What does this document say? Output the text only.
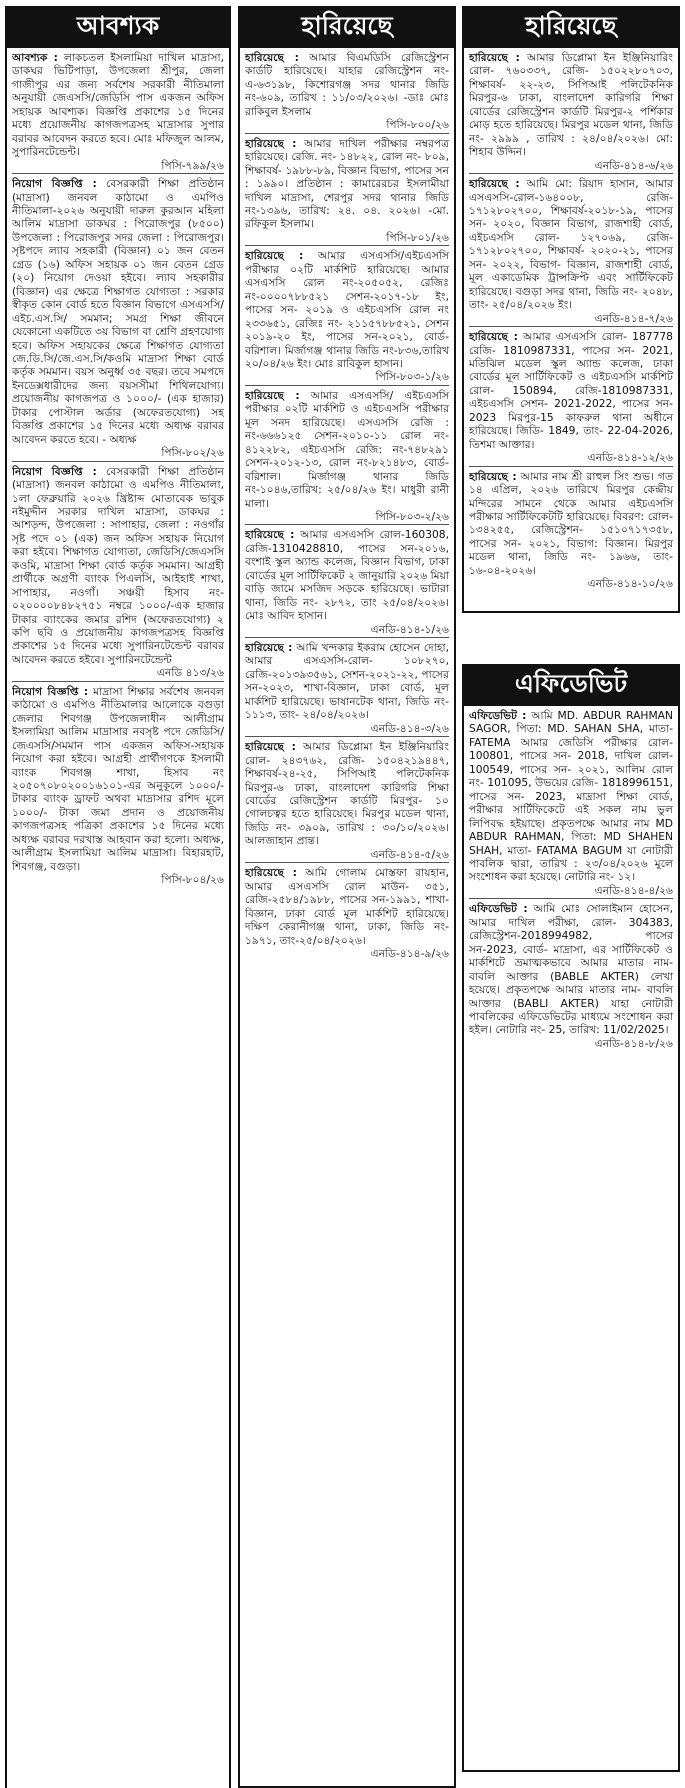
আবশ্যক
আবশ্যক : লাকচতল ইসলামিয়া দাখিল মাদ্রাসা, ডাকঘর ভিটিপাড়া, উপজেলা শ্রীপুর, জেলা গাজীপুর এর জন্য সর্বশেষ সরকারী নীতিমালা অনুযায়ী জেএসসি/জেডিসি পাস একজন অফিস সহায়ক আবশ্যক। বিজ্ঞপ্তি প্রকাশের ১৫ দিনের মধ্যে প্রয়োজনীয় কাগজপত্রসহ মাদ্রাসার সুপার বরাবর আবেদন করতে হবে। মোঃ মফিজুল আলম, সুপারিনটেন্ডেন্ট।
পিসি-৭৯৯/২৬
নিয়োগ বিজ্ঞপ্তি : বেসরকারী শিক্ষা প্রতিষ্ঠান (মাদ্রাসা) জনবল কাঠামো ও এমপিও নীতিমালা-২০২৬ অনুযায়ী দারুল কুরআন মহিলা আলিম মাদ্রাসা ডাকঘর : পিরোজপুর (৮৫০০) উপজেলা : পিরোজপুর সদর জেলা : পিরোজপুর। সৃষ্টপদে ল্যাব সহকারী (বিজ্ঞান) ০১ জন বেতন গ্রেড (১৬) অফিস সহায়ক ০১ জন বেতন গ্রেড (২০) নিয়োগ দেওয়া হইবে। ল্যাব সহকারীর (বিজ্ঞান) এর ক্ষেত্রে শিক্ষাগত যোগ্যতা : সরকার স্বীকৃত কোন বোর্ড হতে বিজ্ঞান বিভাগে এসএসসি/ এইচ.এস.সি/ সমমান; সমগ্র শিক্ষা জীবনে যেকোনো একটিতে ৩য় বিভাগ বা শ্রেণি গ্রহণযোগ্য হবে। অফিস সহায়কের ক্ষেত্রে শিক্ষাগত যোগ্যতা জে.ডি.সি/জে.এস.সি/কওমি মাদ্রাসা শিক্ষা বোর্ড কর্তৃক সমমান। বয়স অনুর্ধ্ব ৩৫ বছর। তবে সমপদে ইনডেক্সধারীদের জন্য বয়সসীমা শিথিলযোগ্য। প্রয়োজনীয় কাগজপত্র ও ১০০০/- (এক হাজার) টাকার পোস্টাল অর্ডার (অফেরতযোগ্য) সহ বিজ্ঞপ্তি প্রকাশের ১৫ দিনের মধ্যে অধ্যক্ষ বরাবর আবেদন করতে হবে। - অধ্যক্ষ
পিসি-৮০২/২৬
নিয়োগ বিজ্ঞপ্তি : বেসরকারী শিক্ষা প্রতিষ্ঠান (মাদ্রাসা) জনবল কাঠামো ও এমপিও নীতিমালা, ১লা ফেব্রুয়ারি ২০২৬ খ্রিষ্টাব্দ মোতাবেক ভাবুক নইমুদ্দীন সরকার দাখিল মাদ্রাসা, ডাকঘর : আশড়ন্দ, উপজেলা : সাপাহার, জেলা : নওগাঁর সৃষ্ট পদে ০১ (এক) জন অফিস সহায়ক নিয়োগ করা হইবে। শিক্ষাগত যোগ্যতা, জেডিসি/জেএসসি কওমি, মাদ্রাসা শিক্ষা বোর্ড কর্তৃক সমমান। আগ্রহী প্রার্থীকে অগ্রণী ব্যাংক পিএলসি, আইহাই শাখা, সাপাহার, নওগাঁ। সঞ্চয়ী হিসাব নং- ০২০০০০৮৪৮২৭৫১ নম্বরে ১০০০/-এক হাজার টাকার ব্যাংকের জমার রশিদ (অফেরতযোগ্য) ২ কপি ছবি ও প্রয়োজনীয় কাগজপত্রসহ বিজ্ঞপ্তি প্রকাশের ১৫ দিনের মধ্যে সুপারিনটেন্ডেন্ট বরাবর আবেদন করতে হইবে। সুপারিনটেন্ডেন্ট
এনডি ৪১৩/২৬
নিয়োগ বিজ্ঞপ্তি : মাদ্রাসা শিক্ষার সর্বশেষ জনবল কাঠামো ও এমপিও নীতিমালার আলোকে বগুড়া জেলার শিবগঞ্জ উপজেলাধীন আলীগ্রাম ইসলামিয়া আলিম মাদ্রাসার নবসৃষ্ট পদে জেডিসি/জেএসসি/সমমান পাস একজন অফিস-সহায়ক নিয়োগ করা হইবে। আগ্রহী প্রার্থীগণকে ইসলামী ব্যাংক শিবগঞ্জ শাখা, হিসাব নং ২০৫০৭০৮০২০০১৬১০১-এর অনুকূলে ১০০০/- টাকার ব্যাংক ড্রাফট অথবা মাদ্রাসার রশিদ মূলে ১০০০/- টাকা জমা প্রদান ও প্রয়োজনীয় কাগজপত্রসহ পত্রিকা প্রকাশের ১৫ দিনের মধ্যে অধ্যক্ষ বরাবর দরখাস্ত আহবান করা হলো। অধ্যক্ষ, আলীগ্রাম ইসলামিয়া আলিম মাদ্রাসা। বিহারহাট, শিবগঞ্জ, বগুড়া।
পিসি-৮০৪/২৬
হারিয়েছে
হারিয়েছে : আমার বিএমডিসি রেজিস্ট্রেশন কার্ডটি হারিয়েছে। যাহার রেজিস্ট্রেশন নং- এ-৬৩১৯৮, কিশোরগঞ্জ সদর থানার জিডি নং-৬০৯, তারিখ : ১১/০৩/২০২৬। -ডাঃ মোঃ রাকিবুল ইসলাম
পিসি-৮০০/২৬
হারিয়েছে : আমার দাখিল পরীক্ষার নম্বরপত্র হারিয়েছে। রেজি. নং- ১৪৮২২, রোল নং- ৮০৯, শিক্ষাবর্ষ- ১৯৮৮-৮৯, বিজ্ঞান বিভাগ, পাসের সন : ১৯৯০। প্রতিষ্ঠান : কামারেরচর ইসলামীয়া দাখিল মাদ্রাসা, শেরপুর সদর থানার জিডি নং-১৩৯৬, তারিখ: ২৪. ০৪. ২০২৬। -মো. রফিকুল ইসলাম।
পিসি-৮০১/২৬
হারিয়েছে : আমার এসএসসি/এইচএসসি পরীক্ষার ০২টি মার্কশিট হারিয়েছে। আমার এসএসসি রোল নং-২০৫০৫২, রেজিঃ নং-০০০০৭৮৮৫২১ সেশন-২০১৭-১৮ ইং, পাসের সন- ২০১৯ ও এইচএসসি রোল নং ২৩৩৬৫১, রেজিঃ নং- ২১১৫৭৮৮৫২১, সেশন ২০১৯-২০ ইং, পাসের সন-২০২১, বোর্ড- বরিশাল। মির্জাগঞ্জ থানার জিডি নং-৮৩৬,তারিখ ২০/০৪/২৬ ইং। মোঃ রাবিকুল হাসান।
পিসি-৮০৩-১/২৬
হারিয়েছে : আমার এসএসসি/ এইচএসসি পরীক্ষার ০২টি মার্কশিট ও এইচএসসি পরীক্ষার মূল সনদ হারিয়েছে। এসএসসি রেজি : নং-৬৬৬১২৫ সেশন-২০১০-১১ রোল নং- ৪১২২৮২, এইচএসসি রেজি: নং-৭৪৮২৯১ সেশন-২০১২-১৩, রোল নং-৮২১৪৮৩, বোর্ড-বরিশাল। মির্জাগঞ্জ থানার জিডি নং-১০৪৬,তারিখ: ২৫/০৪/২৬ ইং। মাধুরী রানী মালা।
পিসি-৮০৩-২/২৬
হারিয়েছে : আমার এসএসসি রোল-160308, রেজি-1310428810, পাসের সন-২০১৬, বংশাই স্কুল অ্যান্ড কলেজ, বিজ্ঞান বিভাগ, ঢাকা বোর্ডের মূল সার্টিফিকেট ২ জানুয়ারি ২০২৬ মিয়া বাড়ি জামে মসজিদ সড়কে হারিয়েছে। ভাটারা থানা, জিডি নং- ২৮৭২, তাং ২৫/০৪/২০২৬। মোঃ আবিদ হাসান।
এনডি-৪১৪-১/২৬
হারিয়েছে : আমি খন্দকার ইকরাম হোসেন দোহা, আমার এসএসসি-রোল- ১০৮২৭০, রেজি-২০১৩৯৩৫৬১, সেশন-২০২১-২২, পাসের সন-২০২৩, শাখা-বিজ্ঞান, ঢাকা বোর্ড, মূল মার্কশিট হারিয়েছে। ভাষানটেক থানা, জিডি নং- ১১১৩, তাং- ২৪/০৪/২০২৬।
এনডি-৪১৪-৩/২৬
হারিয়েছে : আমার ডিপ্লোমা ইন ইঞ্জিনিয়ারিং রোল- ২৪৩৭৬২, রেজি- ১৫০৪২১৯৪৪৭, শিক্ষাবর্ষ-২৪-২৫, সিপিআই পলিটেকনিক মিরপুর-৬ ঢাকা, বাংলাদেশ কারিগরি শিক্ষা বোর্ডের রেজিস্ট্রেশন কার্ডটি মিরপুর- ১০ গোলচত্বর হতে হারিয়েছে। মিরপুর মডেল থানা, জিডি নং- ৩৯০৯, তারিখ : ৩০/১০/২০২৬। আলজাহান প্রান্ত।
এনডি-৪১৪-৫/২৬
হারিয়েছে : আমি গোলাম মোস্তফা রায়হান, আমার এসএসসি রোল মাউন- ৩৫১, রেজি-২৫৮৪/১৯৮৮, পাসের সন-১৯৯১, শাখা- বিজ্ঞান, ঢাকা বোর্ড মূল মার্কশিট হারিয়েছে। দক্ষিণ কেরানীগঞ্জ থানা, ঢাকা, জিডি নং- ১৯৭১, তাং-২৫/০৪/২০২৬।
এনডি-৪১৪-৯/২৬
হারিয়েছে
হারিয়েছে : আমার ডিপ্লোমা ইন ইঞ্জিনিয়ারিং রোল- ৭৬০৩৩৭, রেজি- ১৫০২২৮০৭০৩, শিক্ষাবর্ষ- ২২-২৩, সিপিআই পলিটেকনিক মিরপুর-৬ ঢাকা, বাংলাদেশ কারিগরি শিক্ষা বোর্ডের রেজিস্ট্রেশন কার্ডটি মিরপুর-২ পর্শিকার মোড় হতে হারিয়েছে। মিরপুর মডেল থানা, জিডি নং- ২৯৯৯ , তারিখ : ২৪/০৪/২০২৬। মো: শিহাব উদ্দিন।
এনডি-৪১৪-৬/২৬
হারিয়েছে : আমি মো: রিয়াদ হাসান, আমার এসএসসি-রোল-১৬৪০০৮, রেজি- ১৭১২৮০২৭০০, শিক্ষাবর্ষ-২০১৮-১৯, পাসের সন- ২০২০, বিজ্ঞান বিভাগ, রাজশাহী বোর্ড, এইচএসসি রোল- ১২৭০৬৯, রেজি- ১৭১২৮০২৭০০, শিক্ষাবর্ষ- ২০২০-২১, পাসের সন- ২০২২, বিভাগ- বিজ্ঞান, রাজশাহী বোর্ড, মূল একাডেমিক ট্রান্সক্রিপ্ট এবং সার্টিফিকেট হারিয়েছে। বগুড়া সদর থানা, জিডি নং- ২০৪৮, তাং- ২৫/০৪/২০২৬ ইং।
এনডি-৪১৪-৭/২৬
হারিয়েছে : আমার এসএসসি রোল- 187778 রেজি- 1810987331, পাসের সন- 2021, মতিঝিল মডেল স্কুল অ্যান্ড কলেজ, ঢাকা বোর্ডের মূল সার্টিফিকেট ও এইচএসসি মার্কশিট রোল- 150894, রেজি-1810987331, এইচএসসি সেশন- 2021-2022, পাসের সন- 2023 মিরপুর-15 কাফরুল থানা অধীনে হারিয়েছে। জিডি- 1849, তাং- 22-04-2026, তিশমা আক্তার।
এনডি-৪১৪-১২/২৬
হারিয়েছে : আমার নাম শ্রী রাহুল সিং শুভ। গত ১৪ এপ্রিল, ২০২৬ তারিখে মিরপুর কেন্দ্রীয় মন্দিরের সামনে থেকে আমার এইচএসসি পরীক্ষার সার্টিফিকেটটি হারিয়েছে। বিবরণ: রোল- ১৩৪২৫৫, রেজিস্ট্রেশন- ১৫১০৭১৭৩৫৮, পাসের সন- ২০২১, বিভাগ: বিজ্ঞান। মিরপুর মডেল থানা, জিডি নং- ১৯৬৬, তাং- ১৬-০৪-২০২৬।
এনডি-৪১৪-১০/২৬
এফিডেভিট
এফিডেভিট : আমি MD. ABDUR RAHMAN SAGOR, পিতা: MD. SAHAN SHA, মাতা- FATEMA আমার জেডিসি পরীক্ষার রোল- 100801, পাসের সন- 2018, দাখিল রোল- 100549, পাসের সন- ২০২১, আলিম রোল নং- 101095, উভয়ের রেজি- 1818996151, পাসের সন- 2023, মাদ্রাসা শিক্ষা বোর্ড, পরীক্ষার সার্টিফিকেটে এই সকল নাম ভুল লিপিবদ্ধ হইয়াছে। প্রকৃতপক্ষে আমার নাম MD ABDUR RAHMAN, পিতা: MD SHAHEN SHAH, মাতা- FATAMA BAGUM যা নোটারী পাবলিক দ্বারা, তারিখ : ২৩/০৪/২০২৬ মুলে সংশোধন করা হয়েছে। নোটারি নং- ১২।
এনডি-৪১৪-৪/২৬
এফিডেভিট : আমি মোঃ সোলাইমান হোসেন, আমার দাখিল পরীক্ষা, রোল- 304383, রেজিস্ট্রেশন-2018994982, পাসের সন-2023, বোর্ড- মাদ্রাসা, এর সার্টিফিকেট ও মার্কশিটে ভ্রমাত্মকভাবে আমার মাতার নাম- বাবলি আক্তার (BABLE AKTER) লেখা হয়েছে। প্রকৃতপক্ষে আমার মাতার নাম- বাবলি আক্তার (BABLI AKTER) যাহা নোটারী পাবলিকের এফিডেভিটের মাধ্যমে সংশোধন করা হইল। নোটারি নং- 25, তারিখ: 11/02/2025।
এনডি-৪১৪-৮/২৬
